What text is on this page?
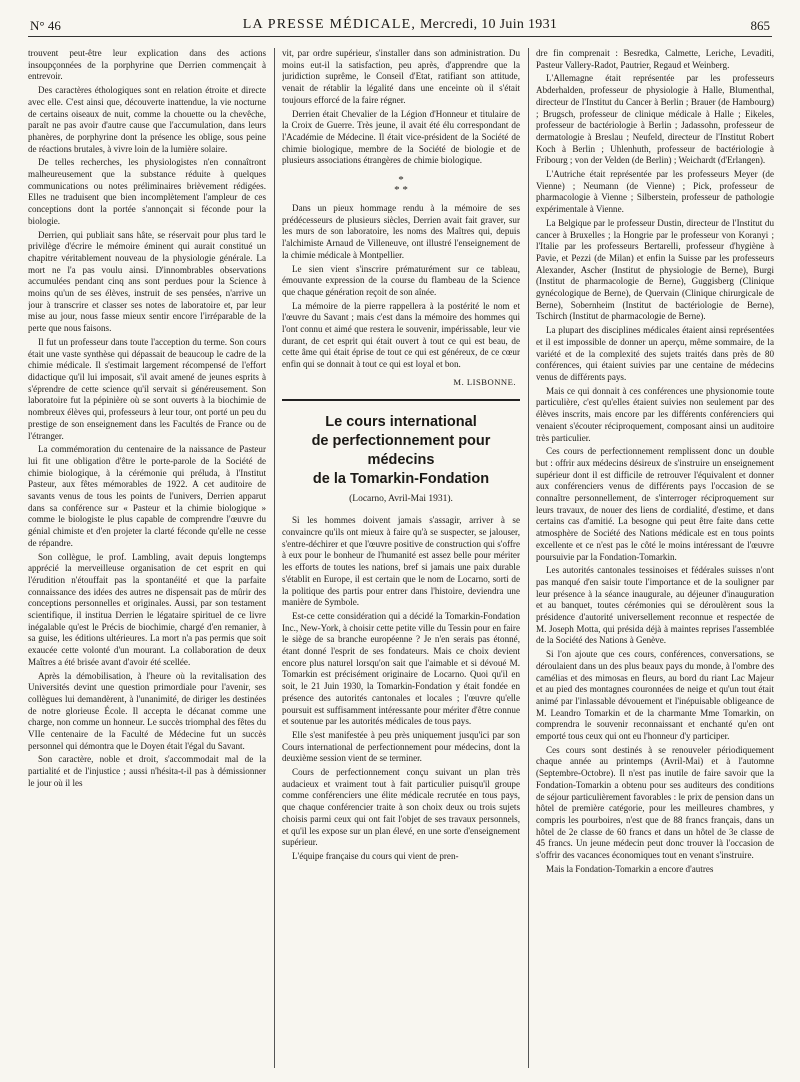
N° 46	LA PRESSE MÉDICALE, Mercredi, 10 Juin 1931	865

trouvent peut-être leur explication dans des actions insoupçonnées de la porphyrine que Derrien commençait à entrevoir.

Des caractères éthologiques sont en relation étroite et directe avec elle. C'est ainsi que, découverte inattendue, la vie nocturne de certains oiseaux de nuit, comme la chouette ou la chevêche, paraît ne pas avoir d'autre cause que l'accumulation, dans leurs phanères, de porphyrine dont la présence les oblige, sous peine de réactions brutales, à vivre loin de la lumière solaire.

De telles recherches, les physiologistes n'en connaîtront malheureusement que la substance réduite à quelques communications ou notes préliminaires brièvement rédigées. Elles ne traduisent que bien incomplètement l'ampleur de ces conceptions dont la portée s'annonçait si féconde pour la biologie.

Derrien, qui publiait sans hâte, se réservait pour plus tard le privilège d'écrire le mémoire éminent qui aurait constitué un chapitre véritablement nouveau de la physiologie générale. La mort ne l'a pas voulu ainsi. D'innombrables observations accumulées pendant cinq ans sont perdues pour la Science à moins qu'un de ses élèves, instruit de ses pensées, n'arrive un jour à transcrire et classer ses notes de laboratoire et, par leur mise au jour, nous fasse mieux sentir encore l'irréparable de la perte que nous faisons.

Il fut un professeur dans toute l'acception du terme. Son cours était une vaste synthèse qui dépassait de beaucoup le cadre de la chimie médicale. Il s'estimait largement récompensé de l'effort didactique qu'il lui imposait, s'il avait amené de jeunes esprits à s'éprendre de cette science qu'il servait si généreusement. Son laboratoire fut la pépinière où se sont ouverts à la biochimie de nombreux élèves qui, professeurs à leur tour, ont porté un peu du prestige de son enseignement dans les Facultés de France ou de l'étranger.

La commémoration du centenaire de la naissance de Pasteur lui fit une obligation d'être le porte-parole de la Société de chimie biologique, à la cérémonie qui préluda, à l'Institut Pasteur, aux fêtes mémorables de 1922. A cet auditoire de savants venus de tous les points de l'univers, Derrien apparut dans sa conférence sur « Pasteur et la chimie biologique » comme le biologiste le plus capable de comprendre l'œuvre du génial chimiste et d'en projeter la clarté féconde qu'elle ne cesse de répandre.

Son collègue, le prof. Lambling, avait depuis longtemps apprécié la merveilleuse organisation de cet esprit en qui l'érudition n'étouffait pas la spontanéité et que la parfaite connaissance des idées des autres ne dispensait pas de mûrir des conceptions personnelles et originales. Aussi, par son testament scientifique, il institua Derrien le légataire spirituel de ce livre inégalable qu'est le Précis de biochimie, chargé d'en remanier, à sa guise, les éditions ultérieures. La mort n'a pas permis que soit exaucée cette volonté d'un mourant. La collaboration de deux Maîtres a été brisée avant d'avoir été scellée.

Après la démobilisation, à l'heure où la revitalisation des Universités devint une question primordiale pour l'avenir, ses collègues lui demandèrent, à l'unanimité, de diriger les destinées de notre glorieuse École. Il accepta le décanat comme une charge, non comme un honneur. Le succès triomphal des fêtes du VIIe centenaire de la Faculté de Médecine fut un succès personnel qui démontra que le Doyen était l'égal du Savant.

Son caractère, noble et droit, s'accommodait mal de la partialité et de l'injustice ; aussi n'hésita-t-il pas à démissionner le jour où il les

vit, par ordre supérieur, s'installer dans son administration. Du moins eut-il la satisfaction, peu après, d'apprendre que la juridiction suprême, le Conseil d'Etat, ratifiant son attitude, venait de rétablir la légalité dans une enceinte où il s'était toujours efforcé de la faire régner.

Derrien était Chevalier de la Légion d'Honneur et titulaire de la Croix de Guerre. Très jeune, il avait été élu correspondant de l'Académie de Médecine. Il était vice-président de la Société de chimie biologique, membre de la Société de biologie et de plusieurs associations étrangères de chimie biologique.

*
* *

Dans un pieux hommage rendu à la mémoire de ses prédécesseurs de plusieurs siècles, Derrien avait fait graver, sur les murs de son laboratoire, les noms des Maîtres qui, depuis l'alchimiste Arnaud de Villeneuve, ont illustré l'enseignement de la chimie médicale à Montpellier.

Le sien vient s'inscrire prématurément sur ce tableau, émouvante expression de la course du flambeau de la Science que chaque génération reçoit de son aînée.

La mémoire de la pierre rappellera à la postérité le nom et l'œuvre du Savant ; mais c'est dans la mémoire des hommes qui l'ont connu et aimé que restera le souvenir, impérissable, leur vie durant, de cet esprit qui était ouvert à tout ce qui est beau, de cette âme qui était éprise de tout ce qui est généreux, de ce cœur enfin qui se donnait à tout ce qui est loyal et bon.

M. LISBONNE.
Le cours international
de perfectionnement pour médecins
de la Tomarkin-Fondation
(Locarno, Avril-Mai 1931).

Si les hommes doivent jamais s'assagir, arriver à se convaincre qu'ils ont mieux à faire qu'à se suspecter, se jalouser, s'entre-déchirer et que l'œuvre positive de construction qui s'offre à eux pour le bonheur de l'humanité est assez belle pour mériter les efforts de toutes les nations, bref si jamais une paix durable s'établit en Europe, il est certain que le nom de Locarno, sorti de la politique des partis pour entrer dans l'histoire, deviendra une manière de Symbole.

Est-ce cette considération qui a décidé la Tomarkin-Fondation Inc., New-York, à choisir cette petite ville du Tessin pour en faire le siège de sa branche européenne ? Je n'en serais pas étonné, étant donné l'esprit de ses fondateurs. Mais ce choix devient encore plus naturel lorsqu'on sait que l'aimable et si dévoué M. Tomarkin est précisément originaire de Locarno. Quoi qu'il en soit, le 21 Juin 1930, la Tomarkin-Fondation y était fondée en présence des autorités cantonales et locales ; l'œuvre qu'elle poursuit est suffisamment intéressante pour mériter d'être connue et soutenue par les autorités médicales de tous pays.

Elle s'est manifestée à peu près uniquement jusqu'ici par son Cours international de perfectionnement pour médecins, dont la deuxième session vient de se terminer.

Cours de perfectionnement conçu suivant un plan très audacieux et vraiment tout à fait particulier puisqu'il groupe comme conférenciers une élite médicale recrutée en tous pays, que chaque conférencier traite à son choix deux ou trois sujets choisis parmi ceux qui ont fait l'objet de ses travaux personnels, et qu'il les expose sur un plan élevé, en une sorte d'enseignement supérieur.

L'équipe française du cours qui vient de pren-

dre fin comprenait : Besredka, Calmette, Leriche, Levaditi, Pasteur Vallery-Radot, Pautrier, Regaud et Weinberg.

L'Allemagne était représentée par les professeurs Abderhalden, professeur de physiologie à Halle, Blumenthal, directeur de l'Institut du Cancer à Berlin ; Brauer (de Hambourg) ; Brugsch, professeur de clinique médicale à Halle ; Eikeles, professeur de bactériologie à Berlin ; Jadassohn, professeur de dermatologie à Breslau ; Neufeld, directeur de l'Institut Robert Koch à Berlin ; Uhlenhuth, professeur de bactériologie à Fribourg ; von der Velden (de Berlin) ; Weichardt (d'Erlangen).

L'Autriche était représentée par les professeurs Meyer (de Vienne) ; Neumann (de Vienne) ; Pick, professeur de pharmacologie à Vienne ; Silberstein, professeur de pathologie expérimentale à Vienne.

La Belgique par le professeur Dustin, directeur de l'Institut du cancer à Bruxelles ; la Hongrie par le professeur von Koranyi ; l'Italie par les professeurs Bertarelli, professeur d'hygiène à Pavie, et Pezzi (de Milan) et enfin la Suisse par les professeurs Alexander, Ascher (Institut de physiologie de Berne), Burgi (Institut de pharmacologie de Berne), Guggisberg (Clinique gynécologique de Berne), de Quervain (Clinique chirurgicale de Berne), Sobernheim (Institut de bactériologie de Berne), Tschirch (Institut de pharmacologie de Berne).

La plupart des disciplines médicales étaient ainsi représentées et il est impossible de donner un aperçu, même sommaire, de la variété et de la complexité des sujets traités dans près de 80 conférences, qui étaient suivies par une centaine de médecins venus de différents pays.

Mais ce qui donnait à ces conférences une physionomie toute particulière, c'est qu'elles étaient suivies non seulement par des élèves inscrits, mais encore par les différents conférenciers qui venaient s'écouter réciproquement, composant ainsi un auditoire très particulier.

Ces cours de perfectionnement remplissent donc un double but : offrir aux médecins désireux de s'instruire un enseignement supérieur dont il est difficile de retrouver l'équivalent et donner aux conférenciers venus de différents pays l'occasion de se connaître personnellement, de s'interroger réciproquement sur leurs travaux, de nouer des liens de cordialité, d'estime, et dans certains cas d'amitié. La besogne qui peut être faite dans cette atmosphère de Société des Nations médicale est en tous points excellente et ce n'est pas le côté le moins intéressant de l'œuvre poursuivie par la Fondation-Tomarkin.

Les autorités cantonales tessinoises et fédérales suisses n'ont pas manqué d'en saisir toute l'importance et de la souligner par leur présence à la séance inaugurale, au déjeuner d'inauguration et au banquet, toutes cérémonies qui se déroulèrent sous la présidence d'autorité universellement reconnue et respectée de M. Joseph Motta, qui présida déjà à maintes reprises l'assemblée de la Société des Nations à Genève.

Si l'on ajoute que ces cours, conférences, conversations, se déroulaient dans un des plus beaux pays du monde, à l'ombre des camélias et des mimosas en fleurs, au bord du riant Lac Majeur et au pied des montagnes couronnées de neige et qu'un tout était animé par l'inlassable dévouement et l'inépuisable obligeance de M. Leandro Tomarkin et de la charmante Mme Tomarkin, on comprendra le souvenir reconnaissant et enchanté qu'en ont emporté tous ceux qui ont eu l'honneur d'y participer.

Ces cours sont destinés à se renouveler périodiquement chaque année au printemps (Avril-Mai) et à l'automne (Septembre-Octobre). Il n'est pas inutile de faire savoir que la Fondation-Tomarkin a obtenu pour ses auditeurs des conditions de séjour particulièrement favorables : le prix de pension dans un hôtel de première catégorie, pour les meilleures chambres, y compris les pourboires, n'est que de 88 francs français, dans un hôtel de 2e classe de 60 francs et dans un hôtel de 3e classe de 45 francs. Un jeune médecin peut donc trouver là l'occasion de s'offrir des vacances économiques tout en venant s'instruire.

Mais la Fondation-Tomarkin a encore d'autres
